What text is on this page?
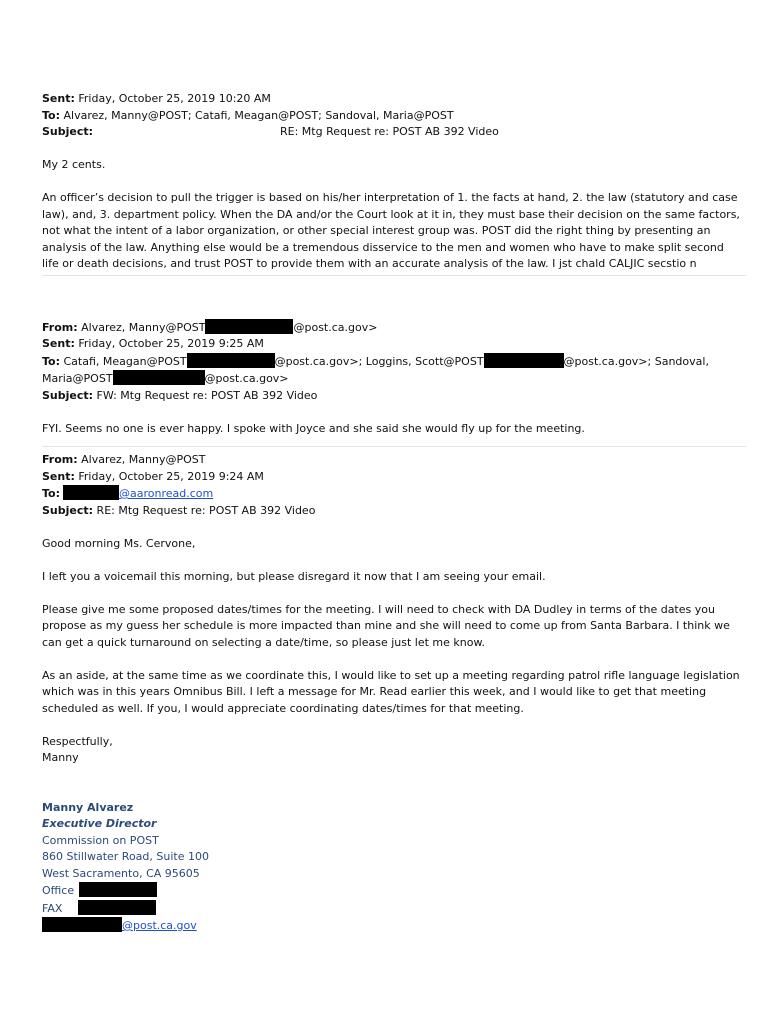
Sent: Friday, October 25, 2019 10:20 AM
To: Alvarez, Manny@POST; Catafi, Meagan@POST; Sandoval, Maria@POST
Subject:	RE: Mtg Request re: POST AB 392 Video
My 2 cents.
An officer’s decision to pull the trigger is based on his/her interpretation of 1. the facts at hand, 2. the law (statutory and case
law), and, 3. department policy. When the DA and/or the Court look at it in, they must base their decision on the same factors,
not what the intent of a labor organization, or other special interest group was. POST did the right thing by presenting an
analysis of the law. Anything else would be a tremendous disservice to the men and women who have to make split second
life or death decisions, and trust POST to provide them with an accurate analysis of the law. I jst chald CALJIC secstio n
From: Alvarez, Manny@POST	@post.ca.gov>
Sent: Friday, October 25, 2019 9:25 AM
To: Catafi, Meagan@POST	@post.ca.gov>; Loggins, Scott@POST	@post.ca.gov>; Sandoval,
Maria@POST	@post.ca.gov>
Subject: FW: Mtg Request re: POST AB 392 Video
FYI. Seems no one is ever happy. I spoke with Joyce and she said she would fly up for the meeting.
From: Alvarez, Manny@POST
Sent: Friday, October 25, 2019 9:24 AM
To:	@aaronread.com
Subject: RE: Mtg Request re: POST AB 392 Video
Good morning Ms. Cervone,
I left you a voicemail this morning, but please disregard it now that I am seeing your email.
Please give me some proposed dates/times for the meeting. I will need to check with DA Dudley in terms of the dates you
propose as my guess her schedule is more impacted than mine and she will need to come up from Santa Barbara. I think we
can get a quick turnaround on selecting a date/time, so please just let me know.
As an aside, at the same time as we coordinate this, I would like to set up a meeting regarding patrol rifle language legislation
which was in this years Omnibus Bill. I left a message for Mr. Read earlier this week, and I would like to get that meeting
scheduled as well. If you, I would appreciate coordinating dates/times for that meeting.
Respectfully,
Manny
Manny Alvarez
Executive Director
Commission on POST
860 Stillwater Road, Suite 100
West Sacramento, CA 95605
Office
FAX
@post.ca.gov
